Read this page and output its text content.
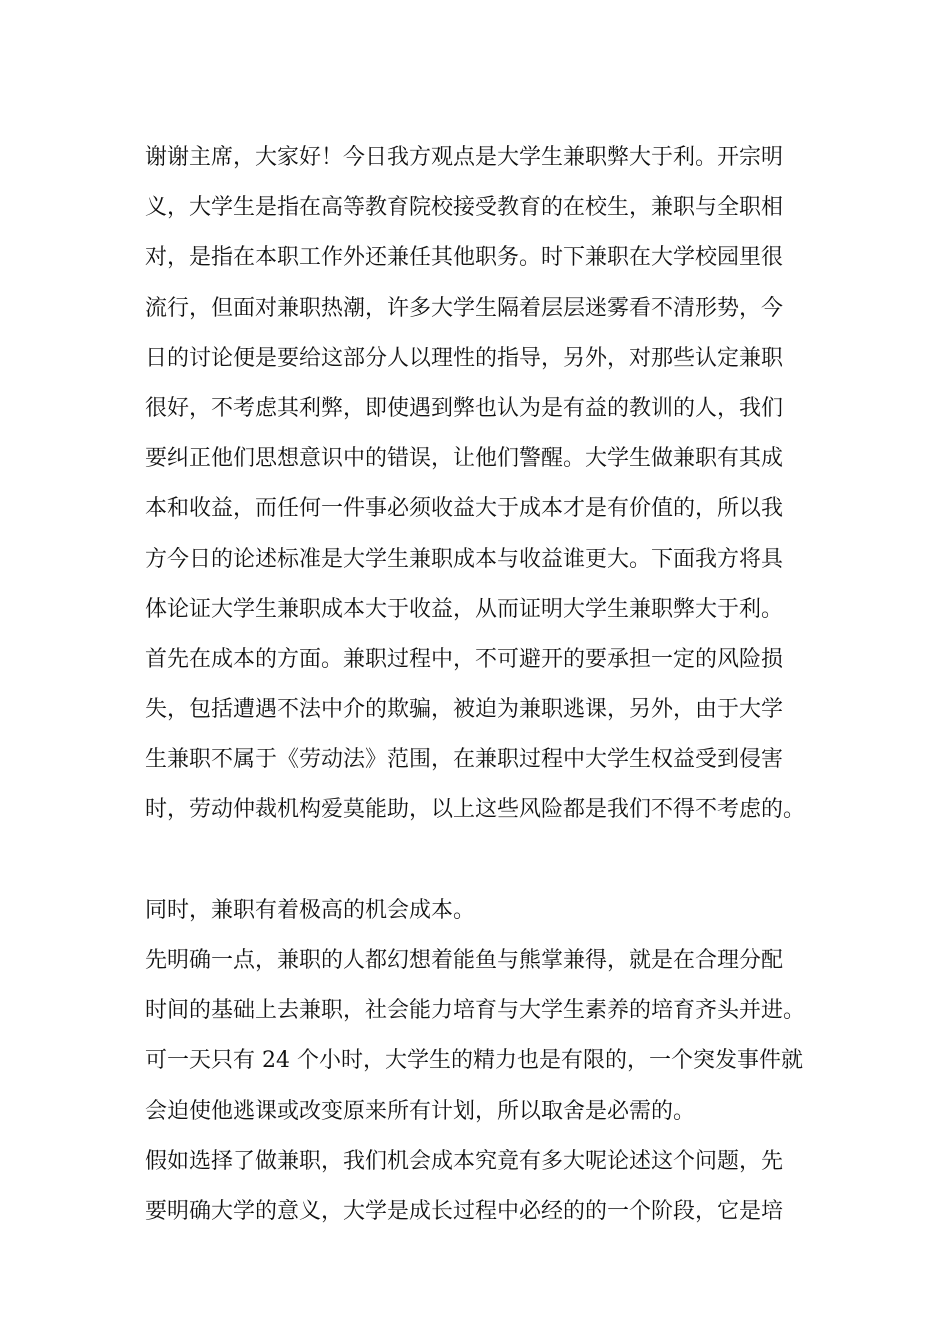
谢谢主席，大家好！今日我方观点是大学生兼职弊大于利。开宗明
义，大学生是指在高等教育院校接受教育的在校生，兼职与全职相
对，是指在本职工作外还兼任其他职务。时下兼职在大学校园里很
流行，但面对兼职热潮，许多大学生隔着层层迷雾看不清形势，今
日的讨论便是要给这部分人以理性的指导，另外，对那些认定兼职
很好，不考虑其利弊，即使遇到弊也认为是有益的教训的人，我们
要纠正他们思想意识中的错误，让他们警醒。大学生做兼职有其成
本和收益，而任何一件事必须收益大于成本才是有价值的，所以我
方今日的论述标准是大学生兼职成本与收益谁更大。下面我方将具
体论证大学生兼职成本大于收益，从而证明大学生兼职弊大于利。
首先在成本的方面。兼职过程中，不可避开的要承担一定的风险损
失，包括遭遇不法中介的欺骗，被迫为兼职逃课，另外，由于大学
生兼职不属于《劳动法》范围，在兼职过程中大学生权益受到侵害
时，劳动仲裁机构爱莫能助，以上这些风险都是我们不得不考虑的。
同时，兼职有着极高的机会成本。
先明确一点，兼职的人都幻想着能鱼与熊掌兼得，就是在合理分配
时间的基础上去兼职，社会能力培育与大学生素养的培育齐头并进。
可一天只有 24 个小时，大学生的精力也是有限的，一个突发事件就
会迫使他逃课或改变原来所有计划，所以取舍是必需的。
假如选择了做兼职，我们机会成本究竟有多大呢论述这个问题，先
要明确大学的意义，大学是成长过程中必经的的一个阶段，它是培
